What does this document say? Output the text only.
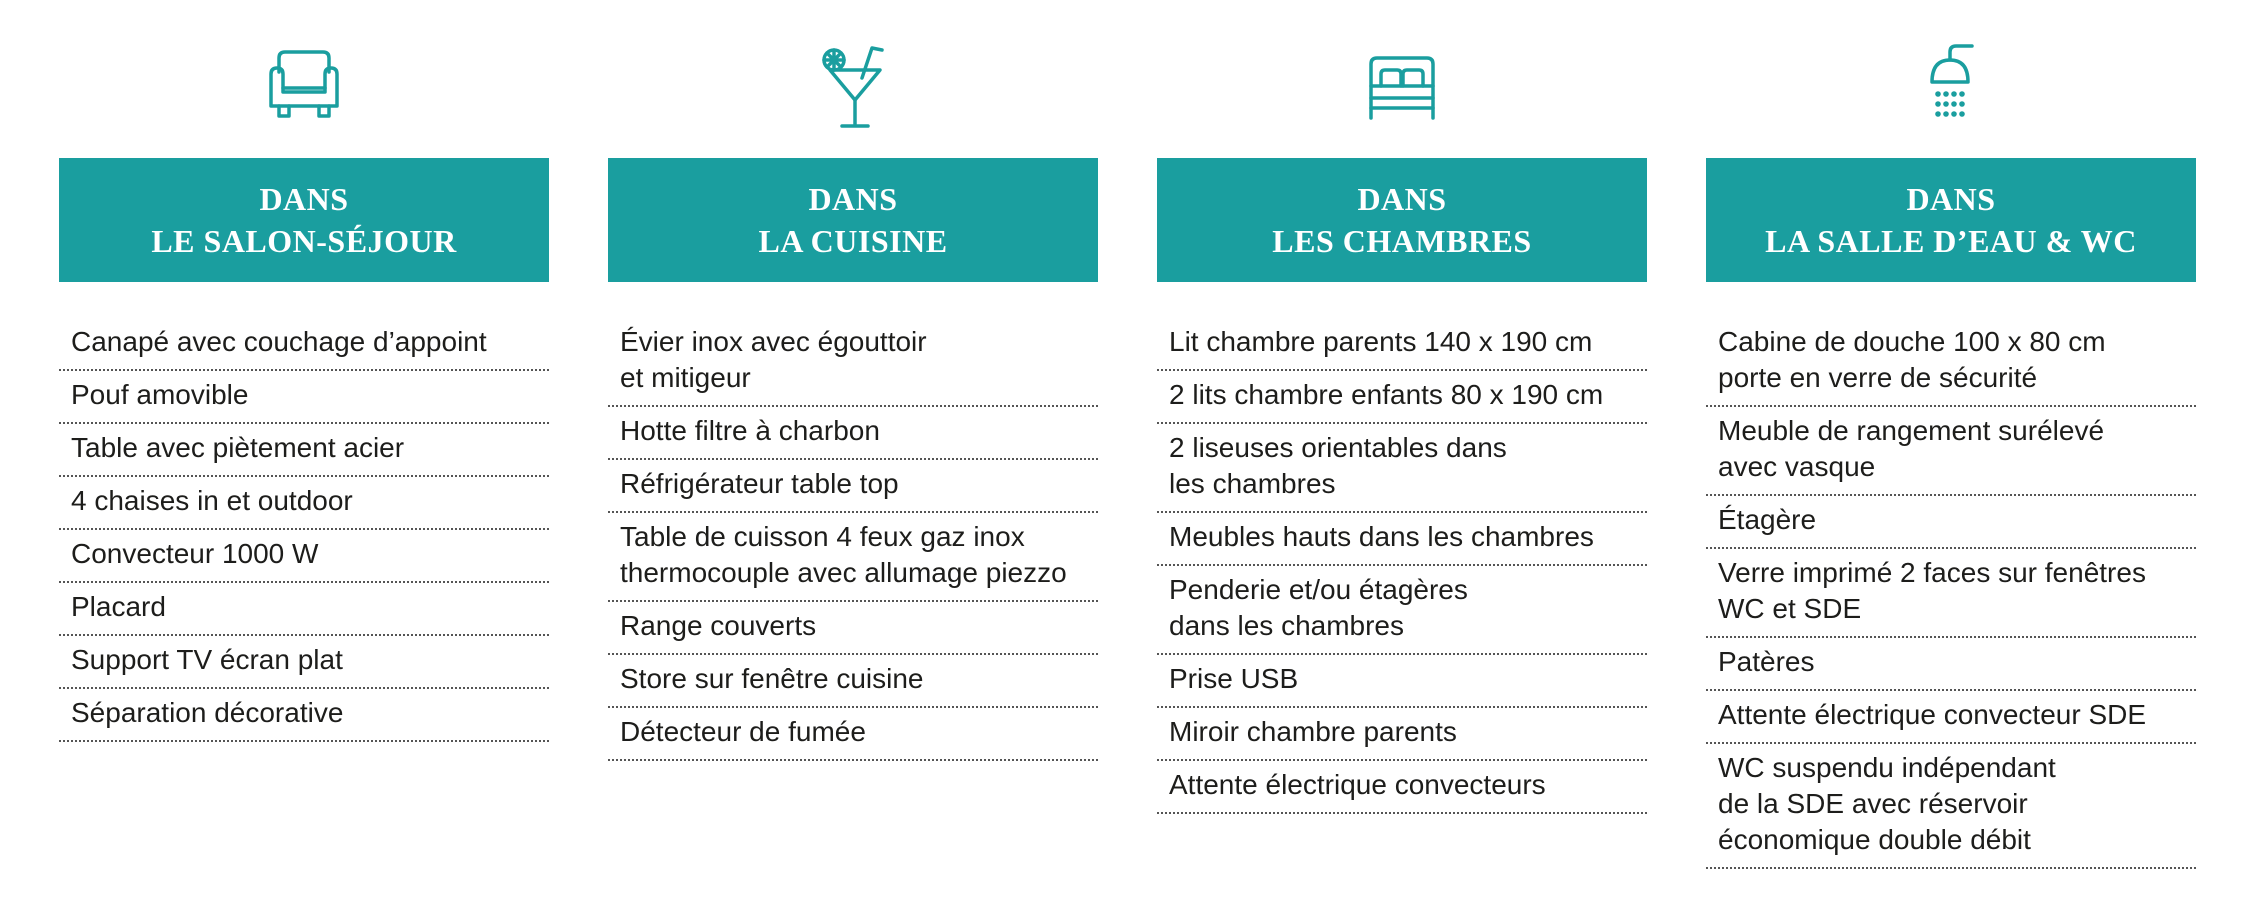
DANS
LE SALON-SÉJOUR
Canapé avec couchage d’appoint
Pouf amovible
Table avec piètement acier
4 chaises in et outdoor
Convecteur 1000 W
Placard
Support TV écran plat
Séparation décorative
DANS
LA CUISINE
Évier inox avec égouttoir
et mitigeur
Hotte filtre à charbon
Réfrigérateur table top
Table de cuisson 4 feux gaz inox
thermocouple avec allumage piezzo
Range couverts
Store sur fenêtre cuisine
Détecteur de fumée
DANS
LES CHAMBRES
Lit chambre parents 140 x 190 cm
2 lits chambre enfants 80 x 190 cm
2 liseuses orientables dans
les chambres
Meubles hauts dans les chambres
Penderie et/ou étagères
dans les chambres
Prise USB
Miroir chambre parents
Attente électrique convecteurs
DANS
LA SALLE D’EAU & WC
Cabine de douche 100 x 80 cm
porte en verre de sécurité
Meuble de rangement surélevé
avec vasque
Étagère
Verre imprimé 2 faces sur fenêtres
WC et SDE
Patères
Attente électrique convecteur SDE
WC suspendu indépendant
de la SDE avec réservoir
économique double débit
